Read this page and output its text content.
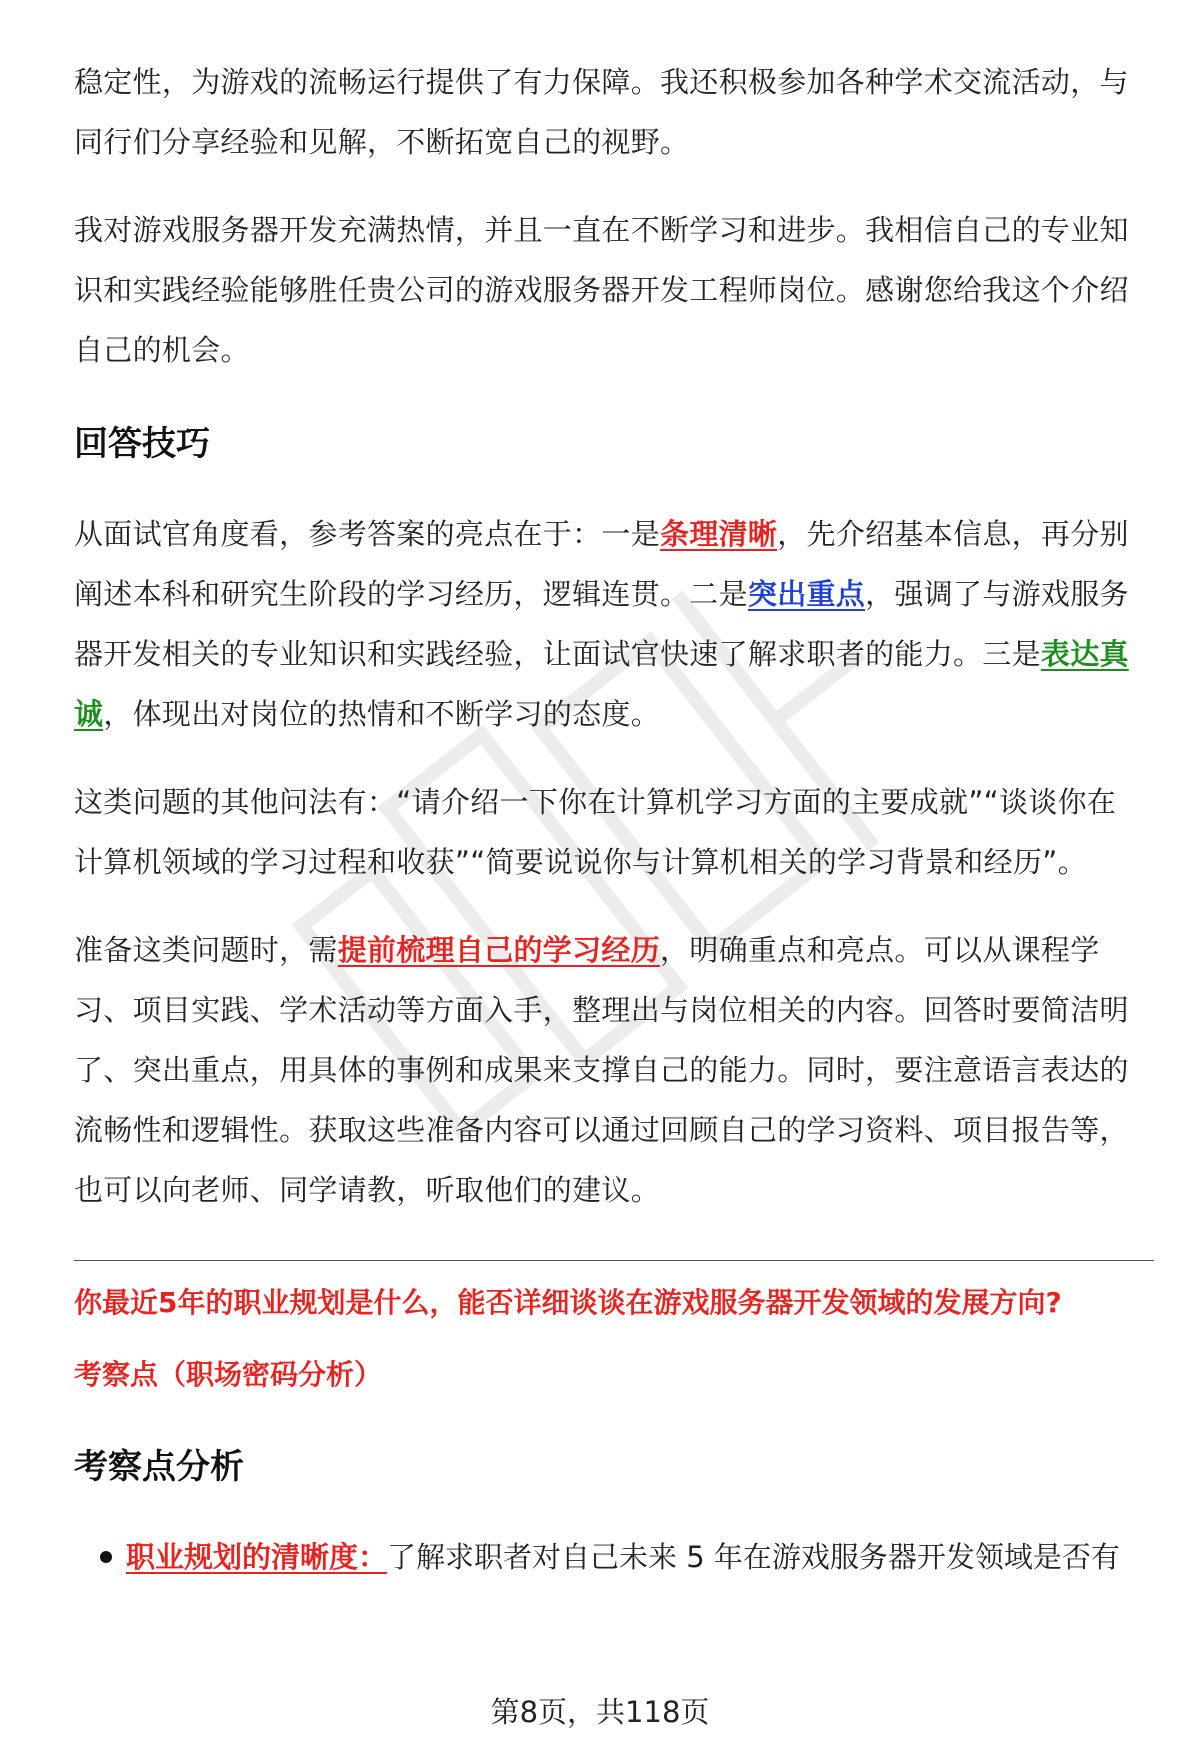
稳定性，为游戏的流畅运行提供了有力保障。我还积极参加各种学术交流活动，与同行们分享经验和见解，不断拓宽自己的视野。

我对游戏服务器开发充满热情，并且一直在不断学习和进步。我相信自己的专业知识和实践经验能够胜任贵公司的游戏服务器开发工程师岗位。感谢您给我这个介绍自己的机会。

回答技巧

从面试官角度看，参考答案的亮点在于：一是条理清晰，先介绍基本信息，再分别阐述本科和研究生阶段的学习经历，逻辑连贯。二是突出重点，强调了与游戏服务器开发相关的专业知识和实践经验，让面试官快速了解求职者的能力。三是表达真诚，体现出对岗位的热情和不断学习的态度。

这类问题的其他问法有：“请介绍一下你在计算机学习方面的主要成就”“谈谈你在计算机领域的学习过程和收获”“简要说说你与计算机相关的学习背景和经历”。

准备这类问题时，需提前梳理自己的学习经历，明确重点和亮点。可以从课程学习、项目实践、学术活动等方面入手，整理出与岗位相关的内容。回答时要简洁明了、突出重点，用具体的事例和成果来支撑自己的能力。同时，要注意语言表达的流畅性和逻辑性。获取这些准备内容可以通过回顾自己的学习资料、项目报告等，也可以向老师、同学请教，听取他们的建议。

你最近5年的职业规划是什么，能否详细谈谈在游戏服务器开发领域的发展方向?
考察点（职场密码分析）
考察点分析
职业规划的清晰度：了解求职者对自己未来 5 年在游戏服务器开发领域是否有
第8页，共118页
